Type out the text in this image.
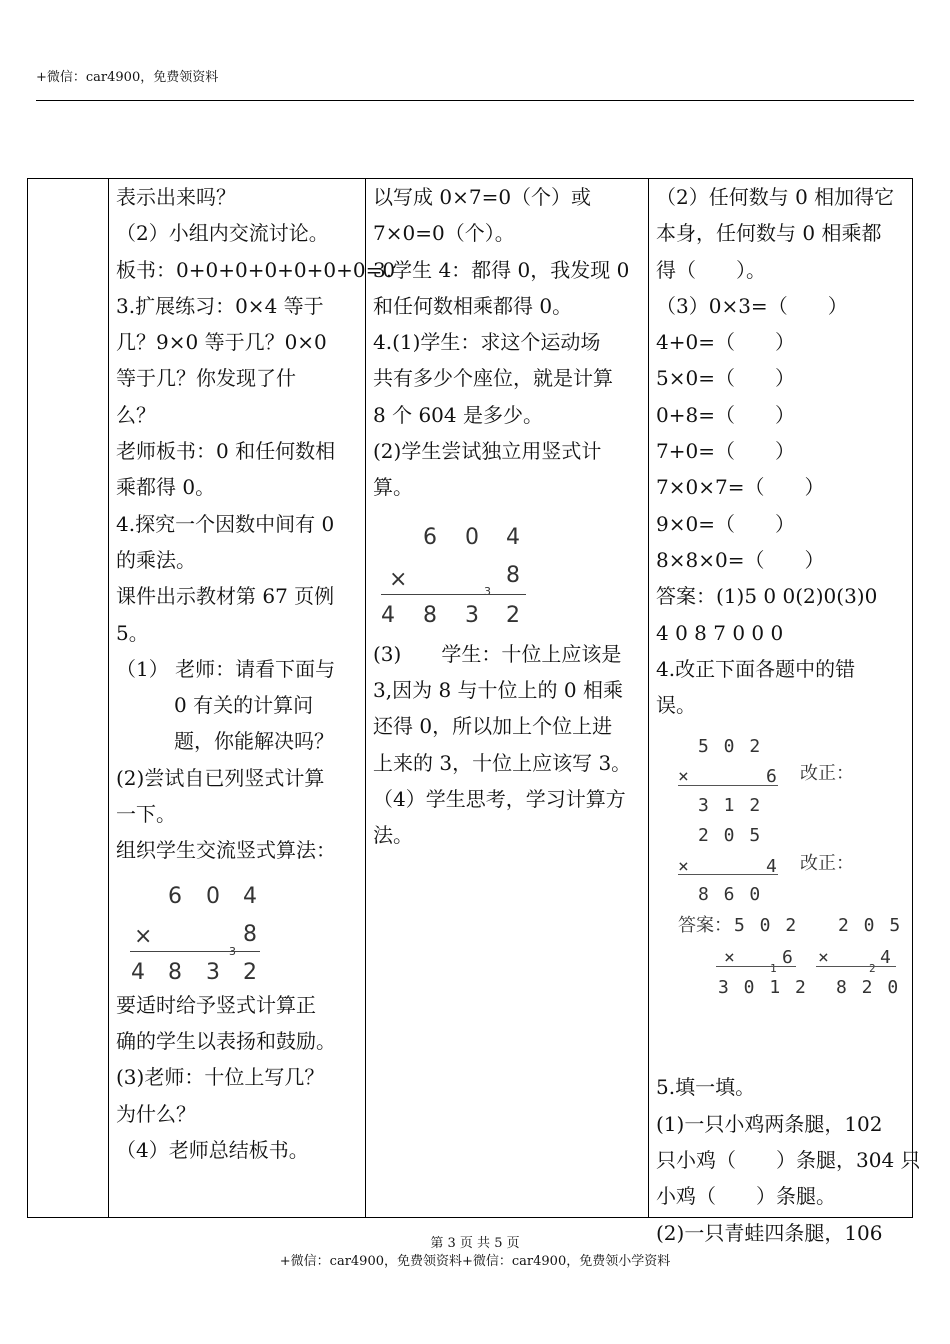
+微信：car4900，免费领资料
表示出来吗？
（2）小组内交流讨论。
板书：0+0+0+0+0+0+0=0
3.扩展练习：0×4 等于
几？9×0 等于几？0×0
等于几？你发现了什
么？
老师板书：0 和任何数相
乘都得 0。
4.探究一个因数中间有 0
的乘法。
课件出示教材第 67 页例
5。
（1） 老师：请看下面与
0 有关的计算问
题，你能解决吗？
(2)尝试自已列竖式计算
一下。
组织学生交流竖式算法：
6 0 4
×
3
8
4 8 3 2
要适时给予竖式计算正
确的学生以表扬和鼓励。
(3)老师：十位上写几？
为什么？
（4）老师总结板书。
以写成 0×7=0（个）或
7×0=0（个）。
3.学生 4：都得 0，我发现 0
和任何数相乘都得 0。
4.(1)学生：求这个运动场
共有多少个座位，就是计算
8 个 604 是多少。
(2)学生尝试独立用竖式计
算。
6 0 4
×	3
8
4 8 3 2
(3)　　学生：十位上应该是
3,因为 8 与十位上的 0 相乘
还得 0，所以加上个位上进
上来的 3，十位上应该写 3。
（4）学生思考，学习计算方
法。
（2）任何数与 0 相加得它
本身，任何数与 0 相乘都
得（　　）。
（3）0×3=（　　）
4+0=（　　）
5×0=（　　）
0+8=（　　）
7+0=（　　）
7×0×7=（　　）
9×0=（　　）
8×8×0=（　　）
答案：(1)5 0 0(2)0(3)0
4 0 8 7 0 0 0
4.改正下面各题中的错
误。
5 0 2
×	6 改正：
3 1 2
2 0 5
×	4 改正：
8 6 0
答案： 5 0 2
×
1
6
3 0 1 2
2 0 5
×
2
4
8 2 0
5.填一填。
(1)一只小鸡两条腿，102
只小鸡（　　）条腿，304 只
小鸡（　　）条腿。
(2)一只青蛙四条腿，106
第 3 页 共 5 页
+微信：car4900，免费领资料+微信：car4900，免费领小学资料
